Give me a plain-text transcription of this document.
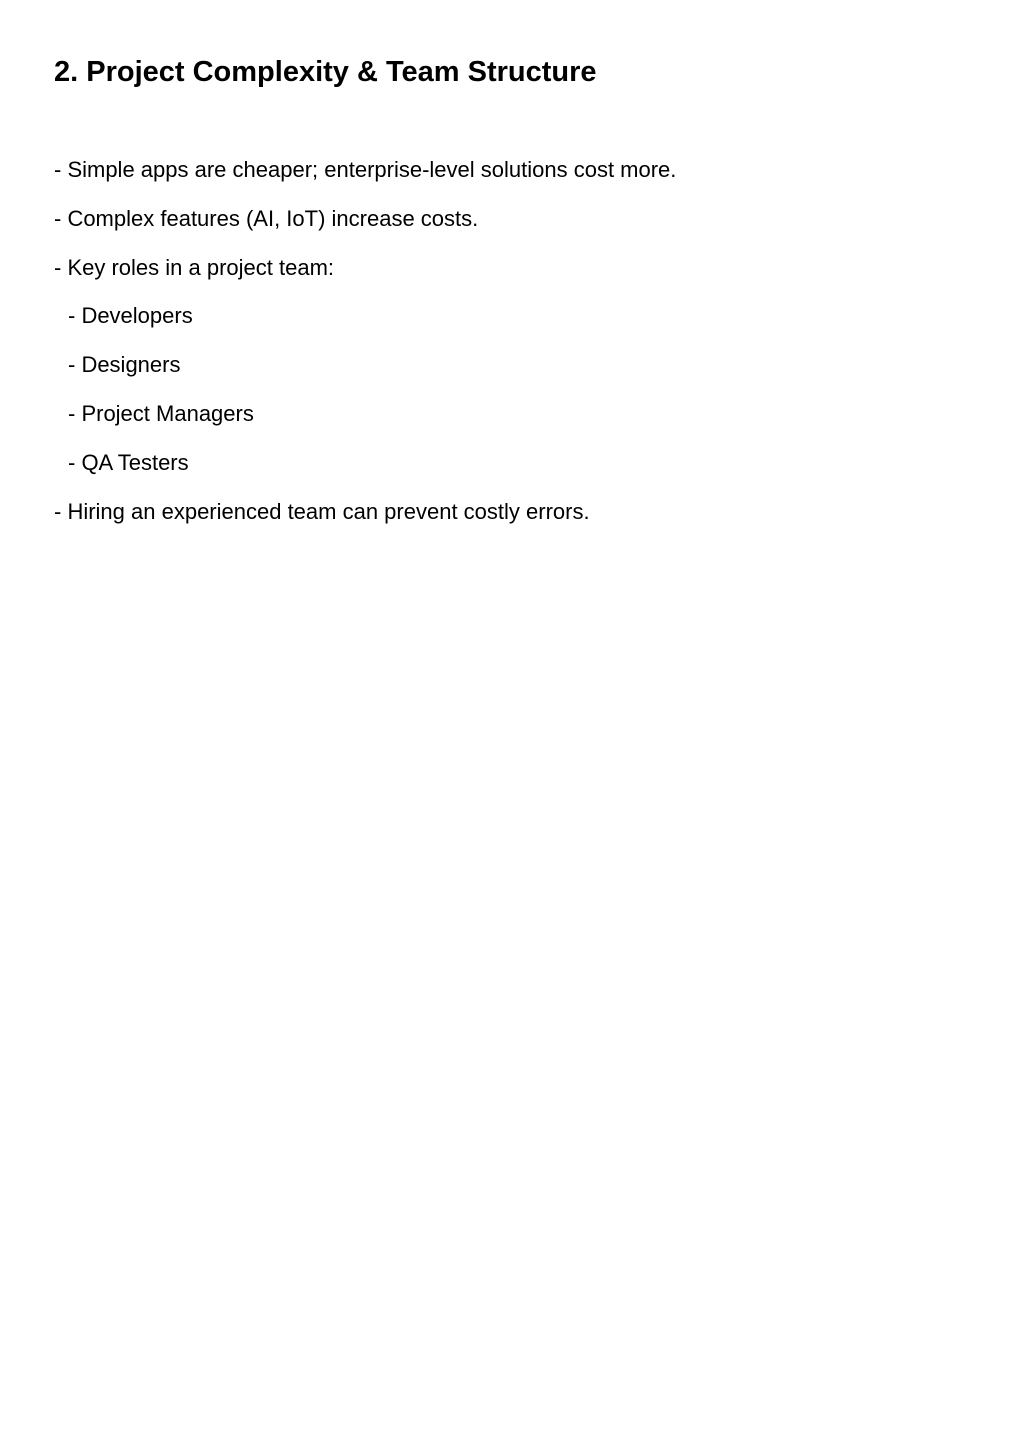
2. Project Complexity & Team Structure
- Simple apps are cheaper; enterprise-level solutions cost more.
- Complex features (AI, IoT) increase costs.
- Key roles in a project team:
- Developers
- Designers
- Project Managers
- QA Testers
- Hiring an experienced team can prevent costly errors.
